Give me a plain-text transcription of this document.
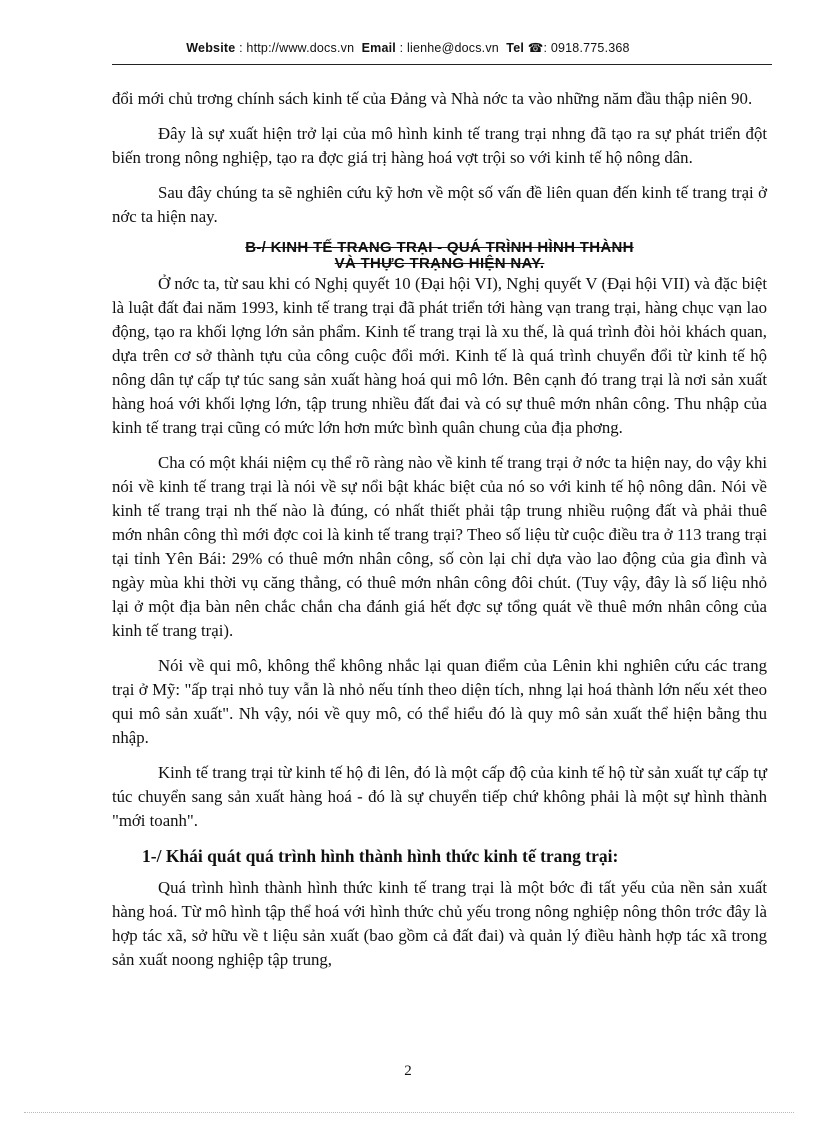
Website : http://www.docs.vn Email : lienhe@docs.vn Tel ☎: 0918.775.368

đổi mới chủ trơng chính sách kinh tế của Đảng và Nhà nớc ta vào những năm đầu thập niên 90.

Đây là sự xuất hiện trở lại của mô hình kinh tế trang trại nhng đã tạo ra sự phát triển đột biến trong nông nghiệp, tạo ra đợc giá trị hàng hoá vợt trội so với kinh tế hộ nông dân.

Sau đây chúng ta sẽ nghiên cứu kỹ hơn về một số vấn đề liên quan đến kinh tế trang trại ở nớc ta hiện nay.

B-/ KINH TẾ TRANG TRẠI - QUÁ TRÌNH HÌNH THÀNH
VÀ THỰC TRẠNG HIỆN NAY.

Ở nớc ta, từ sau khi có Nghị quyết 10 (Đại hội VI), Nghị quyết V (Đại hội VII) và đặc biệt là luật đất đai năm 1993, kinh tế trang trại đã phát triển tới hàng vạn trang trại, hàng chục vạn lao động, tạo ra khối lợng lớn sản phẩm. Kinh tế trang trại là xu thế, là quá trình đòi hỏi khách quan, dựa trên cơ sở thành tựu của công cuộc đổi mới. Kinh tế là quá trình chuyển đổi từ kinh tế hộ nông dân tự cấp tự túc sang sản xuất hàng hoá qui mô lớn. Bên cạnh đó trang trại là nơi sản xuất hàng hoá với khối lợng lớn, tập trung nhiều đất đai và có sự thuê mớn nhân công. Thu nhập của kinh tế trang trại cũng có mức lớn hơn mức bình quân chung của địa phơng.

Cha có một khái niệm cụ thể rõ ràng nào về kinh tế trang trại ở nớc ta hiện nay, do vậy khi nói về kinh tế trang trại là nói về sự nổi bật khác biệt của nó so với kinh tế hộ nông dân. Nói về kinh tế trang trại nh thế nào là đúng, có nhất thiết phải tập trung nhiều ruộng đất và phải thuê mớn nhân công thì mới đợc coi là kinh tế trang trại? Theo số liệu từ cuộc điều tra ở 113 trang trại tại tỉnh Yên Bái: 29% có thuê mớn nhân công, số còn lại chỉ dựa vào lao động của gia đình và ngày mùa khi thời vụ căng thẳng, có thuê mớn nhân công đôi chút. (Tuy vậy, đây là số liệu nhỏ lại ở một địa bàn nên chắc chắn cha đánh giá hết đợc sự tổng quát về thuê mớn nhân công của kinh tế trang trại).

Nói về qui mô, không thể không nhắc lại quan điểm của Lênin khi nghiên cứu các trang trại ở Mỹ: "ấp trại nhỏ tuy vẫn là nhỏ nếu tính theo diện tích, nhng lại hoá thành lớn nếu xét theo qui mô sản xuất". Nh vậy, nói về quy mô, có thể hiểu đó là quy mô sản xuất thể hiện bằng thu nhập.

Kinh tế trang trại từ kinh tế hộ đi lên, đó là một cấp độ của kinh tế hộ từ sản xuất tự cấp tự túc chuyển sang sản xuất hàng hoá - đó là sự chuyển tiếp chứ không phải là một sự hình thành "mới toanh".

1-/ Khái quát quá trình hình thành hình thức kinh tế trang trại:

Quá trình hình thành hình thức kinh tế trang trại là một bớc đi tất yếu của nền sản xuất hàng hoá. Từ mô hình tập thể hoá với hình thức chủ yếu trong nông nghiệp nông thôn trớc đây là hợp tác xã, sở hữu về t liệu sản xuất (bao gồm cả đất đai) và quản lý điều hành hợp tác xã trong sản xuất noong nghiệp tập trung,

2
